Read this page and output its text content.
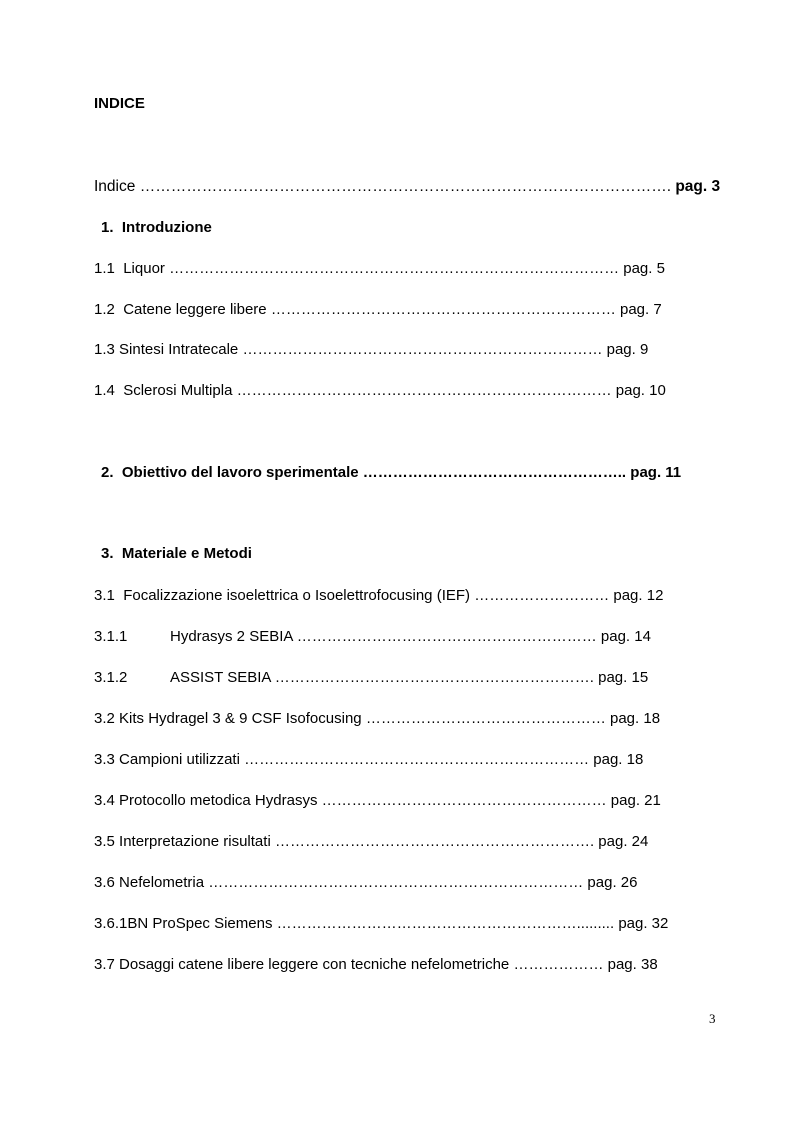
INDICE
Indice …………………………………………………………………………………………. pag. 3
1. Introduzione
1.1 Liquor ……………………………………………………………………………… pag. 5
1.2 Catene leggere libere …………………………………………………………… pag. 7
1.3 Sintesi Intratecale ……………………………………………………………… pag. 9
1.4 Sclerosi Multipla ………………………………………………………………… pag. 10
2. Obiettivo del lavoro sperimentale …………………………………………….. pag. 11
3. Materiale e Metodi
3.1 Focalizzazione isoelettrica o Isoelettrofocusing (IEF) ……………………… pag. 12
3.1.1	Hydrasys 2 SEBIA …………………………………………………… pag. 14
3.1.2	ASSIST SEBIA ………………………………………………………. pag. 15
3.2 Kits Hydragel 3 & 9 CSF Isofocusing ………………………………………… pag. 18
3.3 Campioni utilizzati …………………………………………………………… pag. 18
3.4 Protocollo metodica Hydrasys ………………………………………………… pag. 21
3.5 Interpretazione risultati ………………………………………………………. pag. 24
3.6 Nefelometria ………………………………………………………………… pag. 26
3.6.1BN ProSpec Siemens ……………………………………………………......... pag. 32
3.7 Dosaggi catene libere leggere con tecniche nefelometriche ……………… pag. 38
3
